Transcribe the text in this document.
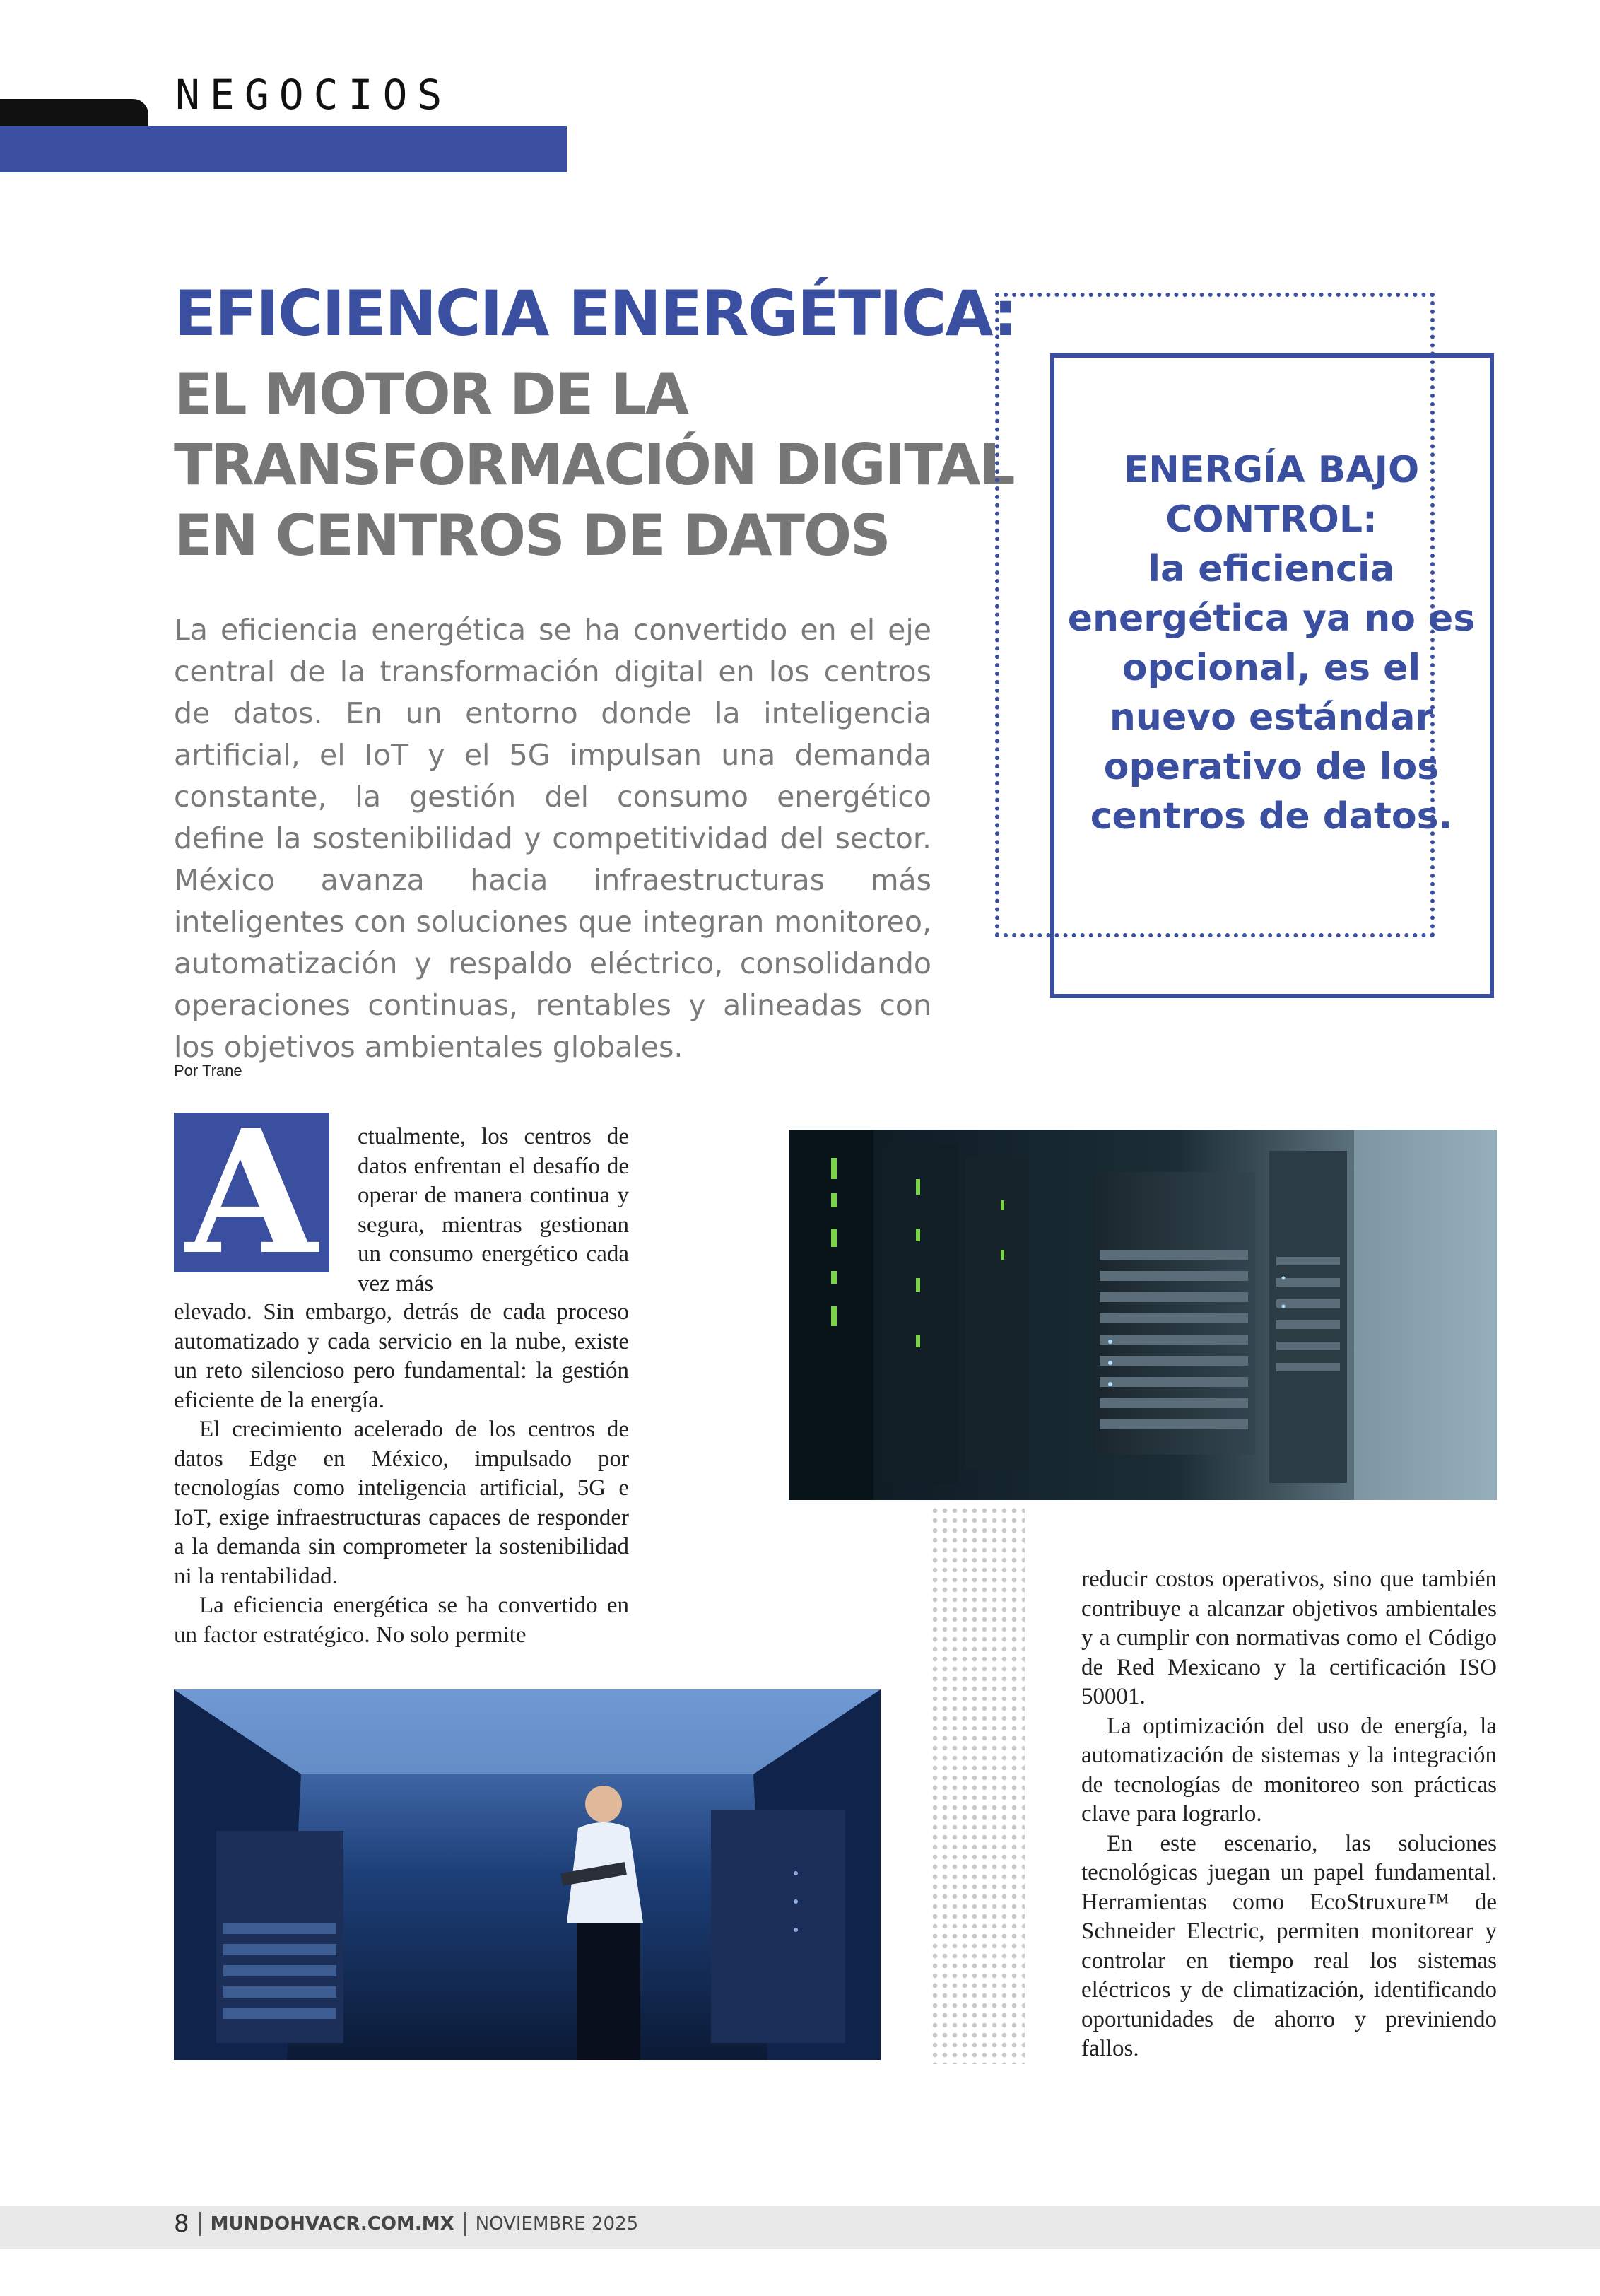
NEGOCIOS
EFICIENCIA ENERGÉTICA:
EL MOTOR DE LA
TRANSFORMACIÓN DIGITAL
EN CENTROS DE DATOS

La eficiencia energética se ha convertido en el eje central de la transformación digital en los centros de datos. En un entorno donde la inteligencia artificial, el IoT y el 5G impulsan una demanda constante, la gestión del consumo energético define la sostenibilidad y competitividad del sector. México avanza hacia infraestructuras más inteligentes con soluciones que integran monitoreo, automatización y respaldo eléctrico, consolidando operaciones continuas, rentables y alineadas con los objetivos ambientales globales.

Por Trane
ENERGÍA BAJO CONTROL:
la eficiencia energética ya no es opcional, es el nuevo estándar operativo de los centros de datos.
A	ctualmente, los centros de datos enfrentan el desafío de operar de manera continua y segura, mientras gestionan un consumo energético cada vez más

elevado. Sin embargo, detrás de cada proceso automatizado y cada servicio en la nube, existe un reto silencioso pero fundamental: la gestión eficiente de la energía.

El crecimiento acelerado de los centros de datos Edge en México, impulsado por tecnologías como inteligencia artificial, 5G e IoT, exige infraestructuras capaces de responder a la demanda sin comprometer la sostenibilidad ni la rentabilidad.

La eficiencia energética se ha convertido en un factor estratégico. No solo permite

reducir costos operativos, sino que también contribuye a alcanzar objetivos ambientales y a cumplir con normativas como el Código de Red Mexicano y la certificación ISO 50001.

La optimización del uso de energía, la automatización de sistemas y la integración de tecnologías de monitoreo son prácticas clave para lograrlo.

En este escenario, las soluciones tecnológicas juegan un papel fundamental. Herramientas como EcoStruxure™ de Schneider Electric, permiten monitorear y controlar en tiempo real los sistemas eléctricos y de climatización, identificando oportunidades de ahorro y previniendo fallos.

8 MUNDOHVACR.COM.MX NOVIEMBRE 2025
